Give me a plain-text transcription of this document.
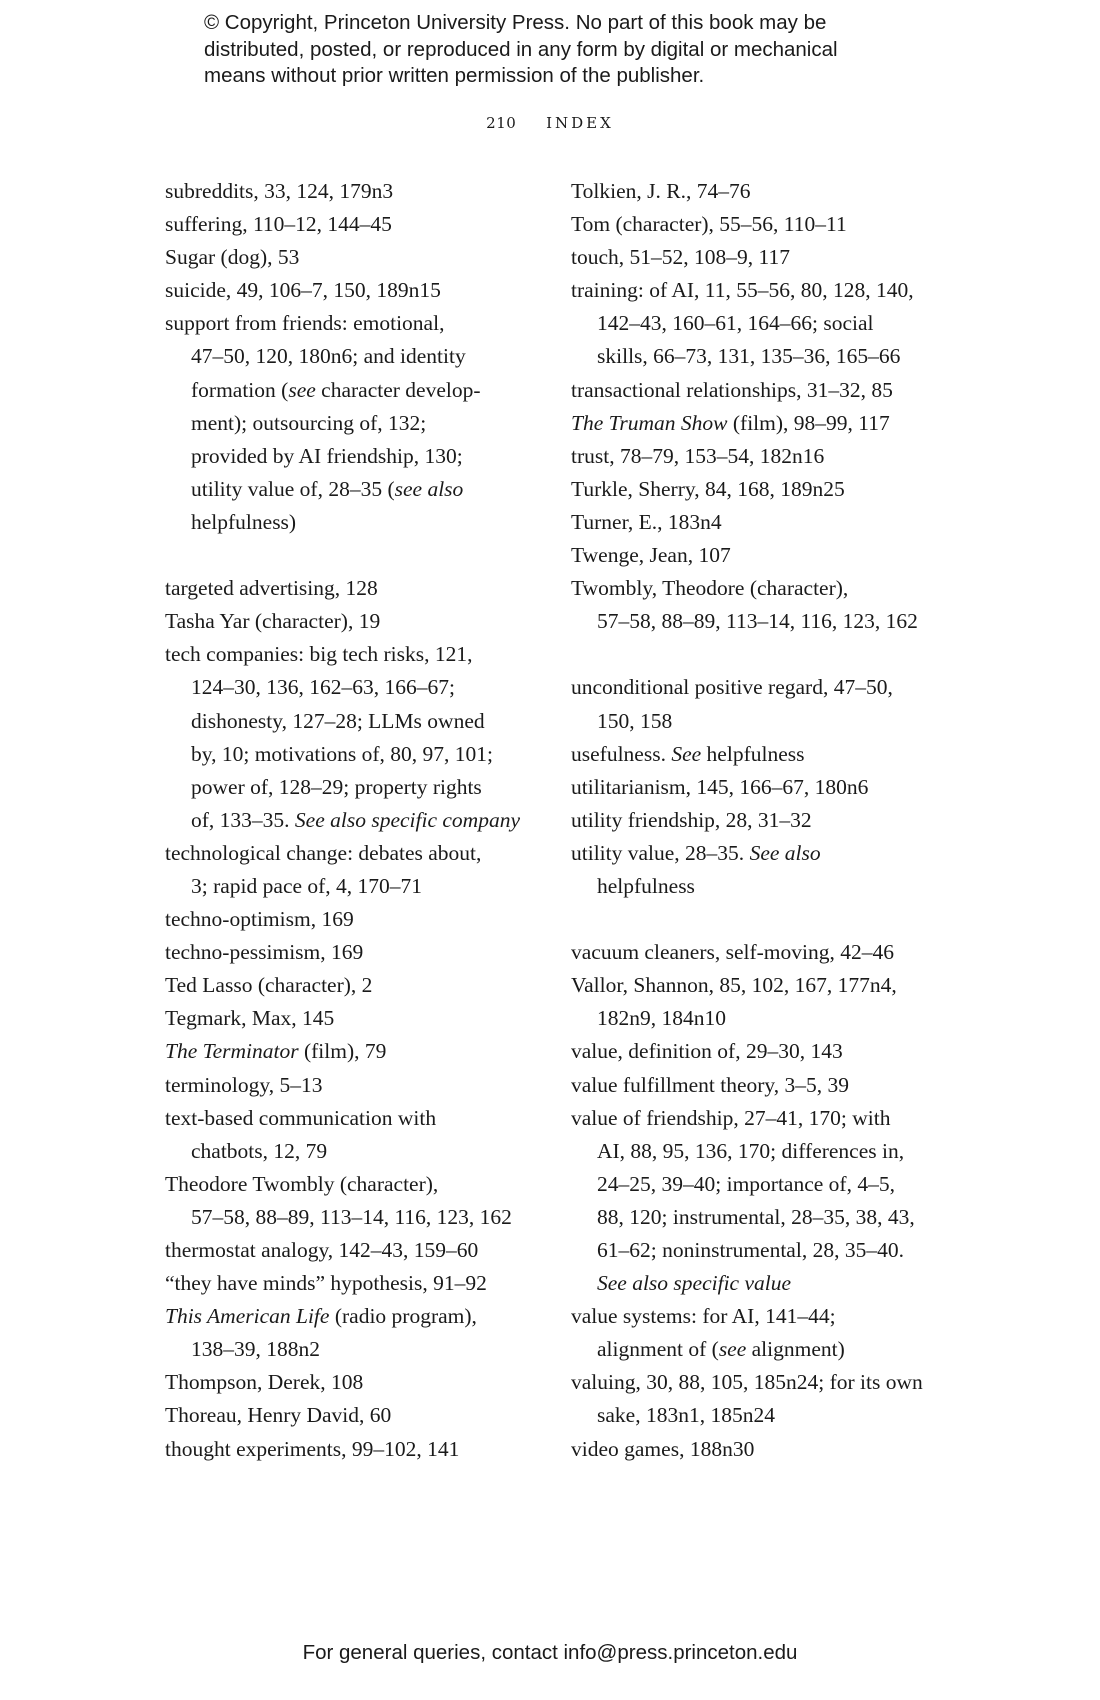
© Copyright, Princeton University Press. No part of this book may be
distributed, posted, or reproduced in any form by digital or mechanical
means without prior written permission of the publisher.
210 INDEX
subreddits, 33, 124, 179n3
suffering, 110–12, 144–45
Sugar (dog), 53
suicide, 49, 106–7, 150, 189n15
support from friends: emotional,
47–50, 120, 180n6; and identity
formation (see character develop-
ment); outsourcing of, 132;
provided by AI friendship, 130;
utility value of, 28–35 (see also
helpfulness)
targeted advertising, 128
Tasha Yar (character), 19
tech companies: big tech risks, 121,
124–30, 136, 162–63, 166–67;
dishonesty, 127–28; LLMs owned
by, 10; motivations of, 80, 97, 101;
power of, 128–29; property rights
of, 133–35. See also specific company
technological change: debates about,
3; rapid pace of, 4, 170–71
techno-optimism, 169
techno-pessimism, 169
Ted Lasso (character), 2
Tegmark, Max, 145
The Terminator (film), 79
terminology, 5–13
text-based communication with
chatbots, 12, 79
Theodore Twombly (character),
57–58, 88–89, 113–14, 116, 123, 162
thermostat analogy, 142–43, 159–60
“they have minds” hypothesis, 91–92
This American Life (radio program),
138–39, 188n2
Thompson, Derek, 108
Thoreau, Henry David, 60
thought experiments, 99–102, 141
Tolkien, J. R., 74–76
Tom (character), 55–56, 110–11
touch, 51–52, 108–9, 117
training: of AI, 11, 55–56, 80, 128, 140,
142–43, 160–61, 164–66; social
skills, 66–73, 131, 135–36, 165–66
transactional relationships, 31–32, 85
The Truman Show (film), 98–99, 117
trust, 78–79, 153–54, 182n16
Turkle, Sherry, 84, 168, 189n25
Turner, E., 183n4
Twenge, Jean, 107
Twombly, Theodore (character),
57–58, 88–89, 113–14, 116, 123, 162
unconditional positive regard, 47–50,
150, 158
usefulness. See helpfulness
utilitarianism, 145, 166–67, 180n6
utility friendship, 28, 31–32
utility value, 28–35. See also
helpfulness
vacuum cleaners, self-moving, 42–46
Vallor, Shannon, 85, 102, 167, 177n4,
182n9, 184n10
value, definition of, 29–30, 143
value fulfillment theory, 3–5, 39
value of friendship, 27–41, 170; with
AI, 88, 95, 136, 170; differences in,
24–25, 39–40; importance of, 4–5,
88, 120; instrumental, 28–35, 38, 43,
61–62; noninstrumental, 28, 35–40.
See also specific value
value systems: for AI, 141–44;
alignment of (see alignment)
valuing, 30, 88, 105, 185n24; for its own
sake, 183n1, 185n24
video games, 188n30
For general queries, contact info@press.princeton.edu
